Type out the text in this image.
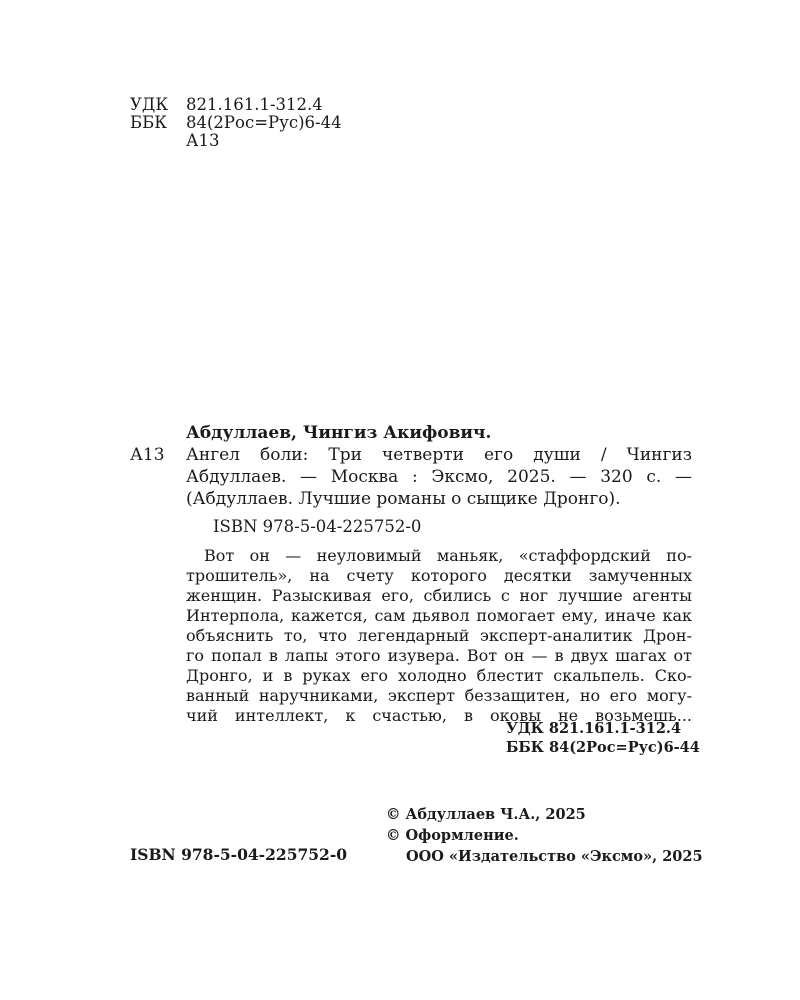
УДК 821.161.1-312.4
ББК 84(2Рос=Рус)6-44
А13
Абдуллаев, Чингиз Акифович.
А13 Ангел боли: Три четверти его души / Чингиз
Абдуллаев. — Москва : Эксмо, 2025. — 320 с. —
(Абдуллаев. Лучшие романы о сыщике Дронго).
ISBN 978-5-04-225752-0
Вот он — неуловимый маньяк, «стаффордский по-
трошитель», на счету которого десятки замученных
женщин. Разыскивая его, сбились с ног лучшие агенты
Интерпола, кажется, сам дьявол помогает ему, иначе как
объяснить то, что легендарный эксперт-аналитик Дрон-
го попал в лапы этого изувера. Вот он — в двух шагах от
Дронго, и в руках его холодно блестит скальпель. Ско-
ванный наручниками, эксперт беззащитен, но его могу-
чий интеллект, к счастью, в оковы не возьмешь...
УДК 821.161.1-312.4
ББК 84(2Рос=Рус)6-44
© Абдуллаев Ч.А., 2025
© Оформление.
ISBN 978-5-04-225752-0	ООО «Издательство «Эксмо», 2025
